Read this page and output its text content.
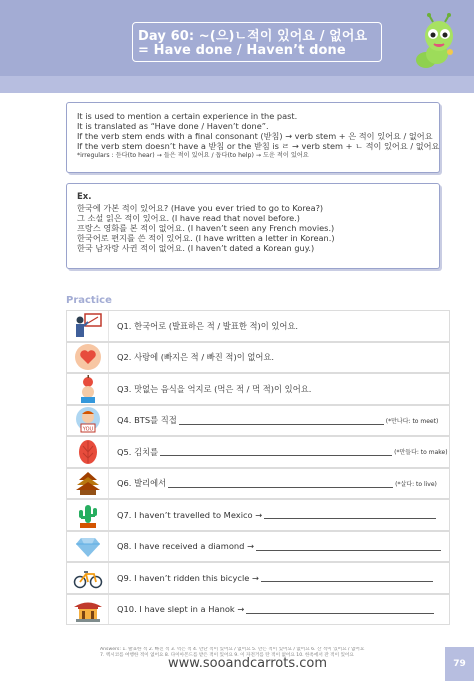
Day 60: ~(으)ㄴ적이 있어요 / 없어요
= Have done / Haven’t done
It is used to mention a certain experience in the past.
It is translated as “Have done / Haven’t done”.
If the verb stem ends with a final consonant (받침) → verb stem + 은 적이 있어요 / 없어요
If the verb stem doesn’t have a 받침 or the 받침 is ㄹ → verb stem + ㄴ 적이 있어요 / 없어요
*irregulars : 듣다(to hear) → 들은 적이 있어요 / 돕다(to help) → 도운 적이 있어요
Ex.
한국에 가본 적이 있어요? (Have you ever tried to go to Korea?)
그 소설 읽은 적이 있어요. (I have read that novel before.)
프랑스 영화를 본 적이 없어요. (I haven’t seen any French movies.)
한국어로 편지를 쓴 적이 있어요. (I have written a letter in Korean.)
한국 남자랑 사귄 적이 없어요. (I haven’t dated a Korean guy.)
Practice
Q1. 한국어로 (발표하은 적 / 발표한 적)이 있어요.
Q2. 사랑에 (빠지은 적 / 빠진 적)이 없어요.
Q3. 맛없는 음식을 억지로 (먹은 적 / 먹 적)이 있어요.
YOU
Q4. BTS를 직접	(*만나다: to meet)
Q5. 김치를	(*만들다: to make)
Q6. 발리에서	(*살다: to live)
Q7. I haven’t travelled to Mexico →
Q8. I have received a diamond →
Q9. I haven’t ridden this bicycle →
Q10. I have slept in a Hanok →
Answers: 1. 발표한 적 2. 빠진 적 3. 먹은 적 4. 만난 적이 있어요 / 없어요 5. 만든 적이 있어요 / 없어요 6. 산 적이 있어요 / 없어요
7. 멕시코를 여행한 적이 없어요 8. 다이아몬드를 받은 적이 있어요 9. 이 자전거를 탄 적이 없어요 10. 한옥에서 잔 적이 있어요
www.sooandcarrots.com	79
